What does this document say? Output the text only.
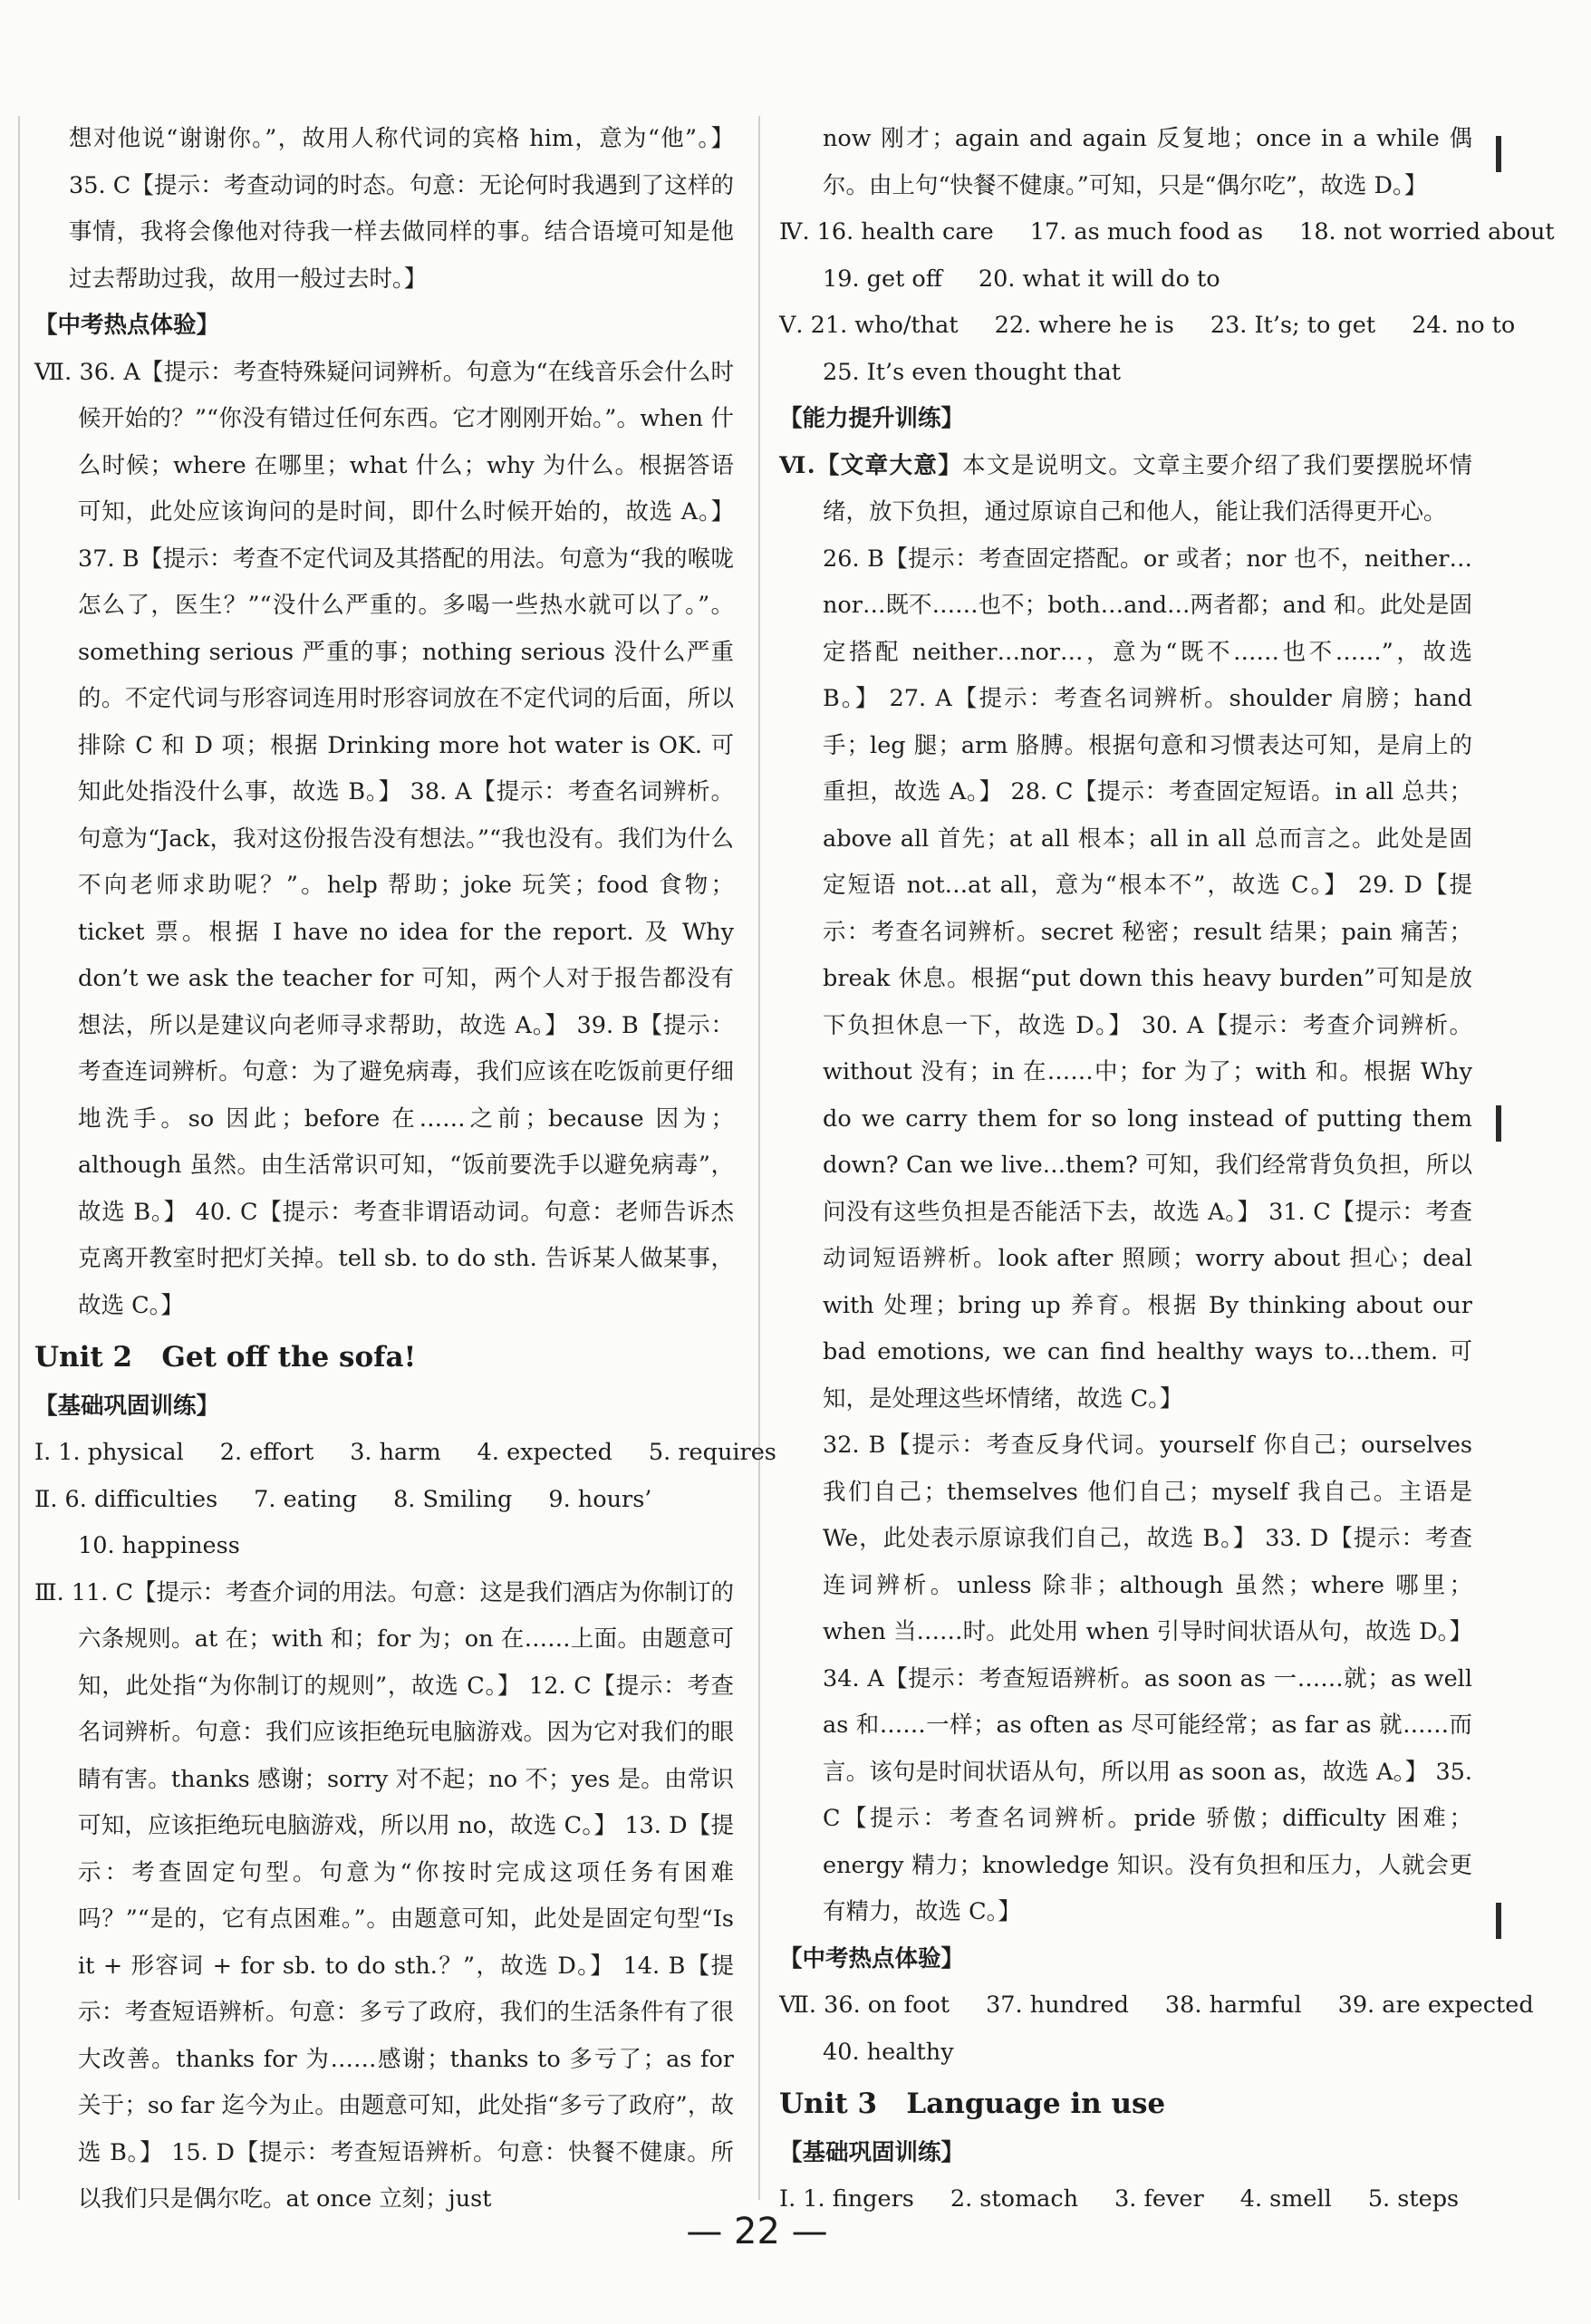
想对他说“谢谢你。”，故用人称代词的宾格 him，意为“他”。】 35. C【提示：考查动词的时态。句意：无论何时我遇到了这样的事情，我将会像他对待我一样去做同样的事。结合语境可知是他过去帮助过我，故用一般过去时。】

【中考热点体验】

Ⅶ. 36. A【提示：考查特殊疑问词辨析。句意为“在线音乐会什么时候开始的？”“你没有错过任何东西。它才刚刚开始。”。when 什么时候；where 在哪里；what 什么；why 为什么。根据答语可知，此处应该询问的是时间，即什么时候开始的，故选 A。】 37. B【提示：考查不定代词及其搭配的用法。句意为“我的喉咙怎么了，医生？”“没什么严重的。多喝一些热水就可以了。”。something serious 严重的事；nothing serious 没什么严重的。不定代词与形容词连用时形容词放在不定代词的后面，所以排除 C 和 D 项；根据 Drinking more hot water is OK. 可知此处指没什么事，故选 B。】 38. A【提示：考查名词辨析。句意为“Jack，我对这份报告没有想法。”“我也没有。我们为什么不向老师求助呢？”。help 帮助；joke 玩笑；food 食物；ticket 票。根据 I have no idea for the report. 及 Why don’t we ask the teacher for 可知，两个人对于报告都没有想法，所以是建议向老师寻求帮助，故选 A。】 39. B【提示：考查连词辨析。句意：为了避免病毒，我们应该在吃饭前更仔细地洗手。so 因此；before 在……之前；because 因为；although 虽然。由生活常识可知，“饭前要洗手以避免病毒”，故选 B。】 40. C【提示：考查非谓语动词。句意：老师告诉杰克离开教室时把灯关掉。tell sb. to do sth. 告诉某人做某事，故选 C。】

Unit 2 Get off the sofa!

【基础巩固训练】

Ⅰ. 1. physical 2. effort 3. harm 4. expected 5. requires

Ⅱ. 6. difficulties 7. eating 8. Smiling 9. hours’

10. happiness

Ⅲ. 11. C【提示：考查介词的用法。句意：这是我们酒店为你制订的六条规则。at 在；with 和；for 为；on 在……上面。由题意可知，此处指“为你制订的规则”，故选 C。】 12. C【提示：考查名词辨析。句意：我们应该拒绝玩电脑游戏。因为它对我们的眼睛有害。thanks 感谢；sorry 对不起；no 不；yes 是。由常识可知，应该拒绝玩电脑游戏，所以用 no，故选 C。】 13. D【提示：考查固定句型。句意为“你按时完成这项任务有困难吗？”“是的，它有点困难。”。由题意可知，此处是固定句型“Is it + 形容词 + for sb. to do sth.？”，故选 D。】 14. B【提示：考查短语辨析。句意：多亏了政府，我们的生活条件有了很大改善。thanks for 为……感谢；thanks to 多亏了；as for 关于；so far 迄今为止。由题意可知，此处指“多亏了政府”，故选 B。】 15. D【提示：考查短语辨析。句意：快餐不健康。所以我们只是偶尔吃。at once 立刻；just

now 刚才；again and again 反复地；once in a while 偶尔。由上句“快餐不健康。”可知，只是“偶尔吃”，故选 D。】

Ⅳ. 16. health care 17. as much food as 18. not worried about

19. get off 20. what it will do to

Ⅴ. 21. who/that 22. where he is 23. It’s; to get 24. no to

25. It’s even thought that

【能力提升训练】

Ⅵ.【文章大意】本文是说明文。文章主要介绍了我们要摆脱坏情绪，放下负担，通过原谅自己和他人，能让我们活得更开心。

26. B【提示：考查固定搭配。or 或者；nor 也不，neither…nor…既不……也不；both…and…两者都；and 和。此处是固定搭配 neither…nor…，意为“既不……也不……”，故选 B。】 27. A【提示：考查名词辨析。shoulder 肩膀；hand 手；leg 腿；arm 胳膊。根据句意和习惯表达可知，是肩上的重担，故选 A。】 28. C【提示：考查固定短语。in all 总共；above all 首先；at all 根本；all in all 总而言之。此处是固定短语 not…at all，意为“根本不”，故选 C。】 29. D【提示：考查名词辨析。secret 秘密；result 结果；pain 痛苦；break 休息。根据“put down this heavy burden”可知是放下负担休息一下，故选 D。】 30. A【提示：考查介词辨析。without 没有；in 在……中；for 为了；with 和。根据 Why do we carry them for so long instead of putting them down? Can we live…them? 可知，我们经常背负负担，所以问没有这些负担是否能活下去，故选 A。】 31. C【提示：考查动词短语辨析。look after 照顾；worry about 担心；deal with 处理；bring up 养育。根据 By thinking about our bad emotions, we can find healthy ways to…them. 可知，是处理这些坏情绪，故选 C。】

32. B【提示：考查反身代词。yourself 你自己；ourselves 我们自己；themselves 他们自己；myself 我自己。主语是 We，此处表示原谅我们自己，故选 B。】 33. D【提示：考查连词辨析。unless 除非；although 虽然；where 哪里；when 当……时。此处用 when 引导时间状语从句，故选 D。】 34. A【提示：考查短语辨析。as soon as 一……就；as well as 和……一样；as often as 尽可能经常；as far as 就……而言。该句是时间状语从句，所以用 as soon as，故选 A。】 35. C【提示：考查名词辨析。pride 骄傲；difficulty 困难；energy 精力；knowledge 知识。没有负担和压力，人就会更有精力，故选 C。】

【中考热点体验】

Ⅶ. 36. on foot 37. hundred 38. harmful 39. are expected

40. healthy

Unit 3 Language in use

【基础巩固训练】

Ⅰ. 1. fingers 2. stomach 3. fever 4. smell 5. steps

— 22 —
